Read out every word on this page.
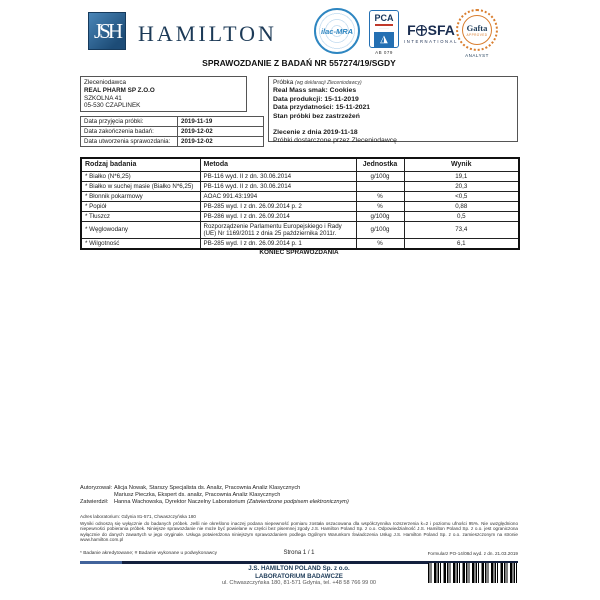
JSH HAMILTON	ilac-MRA
PCA
····· ·····
◮
AB 079
F SFA
INTERNATIONAL
Gafta
APPROVED
ANALYST
SPRAWOZDANIE Z BADAŃ NR 557274/19/SGDY
Zleceniodawca
REAL PHARM SP Z.O.O
SZKOLNA 41
05-530 CZAPLINEK
Data przyjęcia próbki:	2019-11-19
Data zakończenia badań:	2019-12-02
Data utworzenia sprawozdania:	2019-12-02
Próbka (wg deklaracji Zleceniodawcy)
Real Mass smak: Cookies
Data produkcji: 15-11-2019
Data przydatności: 15-11-2021
Stan próbki bez zastrzeżeń
Zlecenie z dnia 2019-11-18
Próbki dostarczone przez Zleceniodawcę
Rodzaj badania	Metoda	Jednostka	Wynik
* Białko (N*6,25)	PB-116 wyd. II z dn. 30.06.2014	g/100g	19,1
* Białko w suchej masie (Białko N*6,25)	PB-116 wyd. II z dn. 30.06.2014		20,3
* Błonnik pokarmowy	AOAC 991.43:1994	%	<0,5
* Popiół	PB-285 wyd. I z dn. 26.09.2014 p. 2	%	0,88
* Tłuszcz	PB-286 wyd. I z dn. 26.09.2014	g/100g	0,5
* Węglowodany	Rozporządzenie Parlamentu Europejskiego i Rady (UE) Nr 1169/2011 z dnia 25 października 2011r.	g/100g	73,4
* Wilgotność	PB-285 wyd. I z dn. 26.09.2014 p. 1	%	6,1
KONIEC SPRAWOZDANIA
Autoryzował: Alicja Nowak, Starszy Specjalista ds. Analiz, Pracownia Analiz Klasycznych
Mariusz Pieczka, Ekspert ds. analiz, Pracownia Analiz Klasycznych
Zatwierdził:	Hanna Wachowska, Dyrektor Naczelny Laboratorium (Zatwierdzone podpisem elektronicznym)
Adres laboratorium: Gdynia 81-571, Chwaszczyńska 180
Wyniki odnoszą się wyłącznie do badanych próbek. Jeśli nie określono inaczej podana niepewność pomiaru została oszacowana dla współczynnika rozszerzenia k=2 i poziomu ufności 95%. Nie uwzględniono niepewności pobierania próbek. Niniejsze sprawozdanie nie może być powielane w części bez pisemnej zgody J.S. Hamilton Poland Sp. z o.o. Odpowiedzialność J.S. Hamilton Poland Sp. z o.o. jest ograniczona wyłącznie do danych zawartych w jego oryginale. Usługa potwierdzona niniejszym sprawozdaniem podlega Ogólnym Warunkom Świadczenia Usług J.S. Hamilton Poland Sp. z o.o. zamieszczonym na stronie www.hamilton.com.pl
* Badanie akredytowane; # Badanie wykonane u podwykonawcy	Strona 1 / 1	Formularz PO-14/08d wyd. z dn. 21.03.2019
J.S. HAMILTON POLAND Sp. z o.o.
LABORATORIUM BADAWCZE
ul. Chwaszczyńska 180, 81-571 Gdynia, tel. +48 58 766 99 00
